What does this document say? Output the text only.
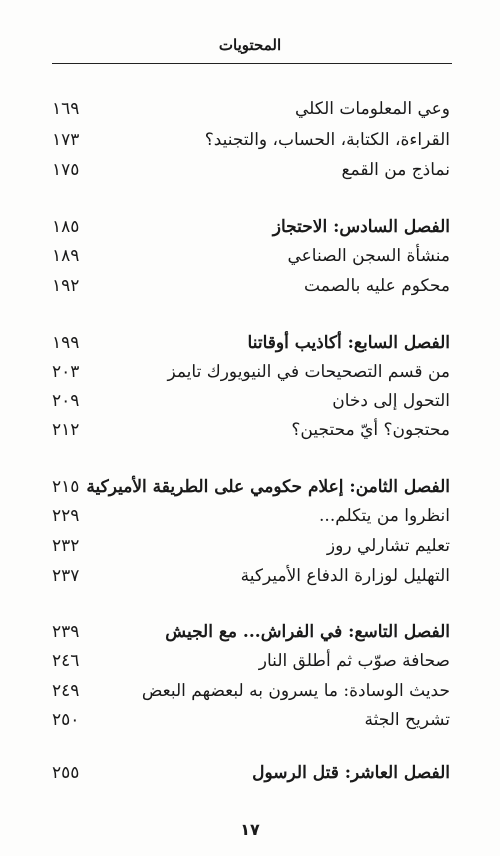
المحتويات
وعي المعلومات الكلي
١٦٩
القراءة، الكتابة، الحساب، والتجنيد؟
١٧٣
نماذج من القمع
١٧٥
الفصل السادس: الاحتجاز
١٨٥
منشأة السجن الصناعي
١٨٩
محكوم عليه بالصمت
١٩٢
الفصل السابع: أكاذيب أوقاتنا
١٩٩
من قسم التصحيحات في النيويورك تايمز
٢٠٣
التحول إلى دخان
٢٠٩
محتجون؟ أيّ محتجين؟
٢١٢
الفصل الثامن: إعلام حكومي على الطريقة الأميركية
٢١٥
انظروا من يتكلم...
٢٢٩
تعليم تشارلي روز
٢٣٢
التهليل لوزارة الدفاع الأميركية
٢٣٧
الفصل التاسع: في الفراش... مع الجيش
٢٣٩
صحافة صوّب ثم أطلق النار
٢٤٦
حديث الوسادة: ما يسرون به لبعضهم البعض
٢٤٩
تشريح الجثة
٢٥٠
الفصل العاشر: قتل الرسول
٢٥٥
١٧
